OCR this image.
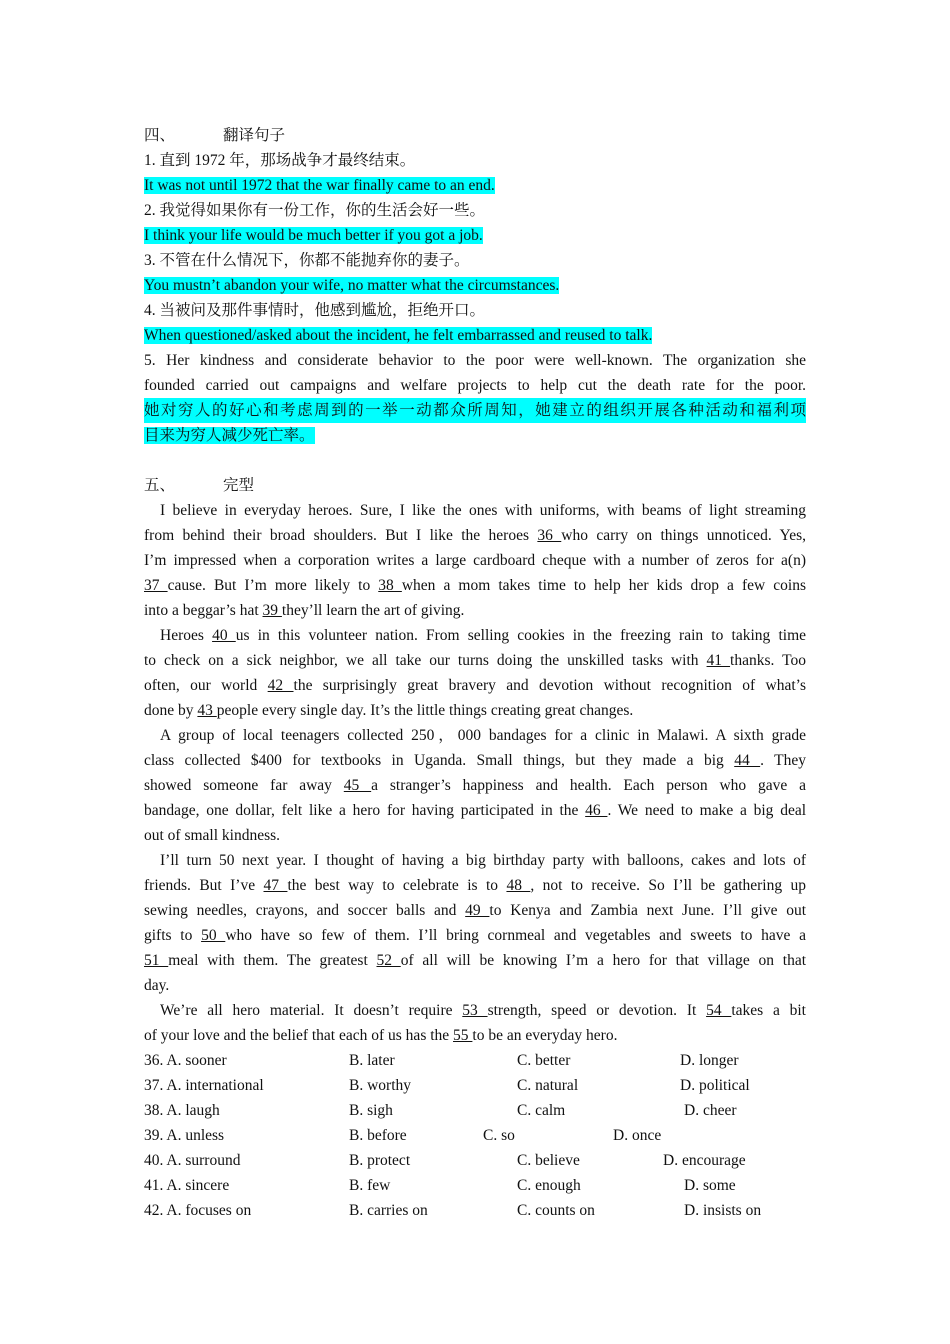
四、	翻译句子
1. 直到 1972 年，那场战争才最终结束。
It was not until 1972 that the war finally came to an end.
2. 我觉得如果你有一份工作，你的生活会好一些。
I think your life would be much better if you got a job.
3. 不管在什么情况下，你都不能抛弃你的妻子。
You mustn’t abandon your wife, no matter what the circumstances.
4. 当被问及那件事情时，他感到尴尬，拒绝开口。
When questioned/asked about the incident, he felt embarrassed and reused to talk.
5. Her kindness and considerate behavior to the poor were well-known. The organization she
founded carried out campaigns and welfare projects to help cut the death rate for the poor.
她对穷人的好心和考虑周到的一举一动都众所周知，她建立的组织开展各种活动和福利项
目来为穷人减少死亡率。
五、	完型
I believe in everyday heroes. Sure, I like the ones with uniforms, with beams of light streaming
from behind their broad shoulders. But I like the heroes 36 who carry on things unnoticed. Yes,
I’m impressed when a corporation writes a large cardboard cheque with a number of zeros for a(n)
37 cause. But I’m more likely to 38 when a mom takes time to help her kids drop a few coins
into a beggar’s hat 39 they’ll learn the art of giving.
Heroes 40 us in this volunteer nation. From selling cookies in the freezing rain to taking time
to check on a sick neighbor, we all take our turns doing the unskilled tasks with 41 thanks. Too
often, our world 42 the surprisingly great bravery and devotion without recognition of what’s
done by 43 people every single day. It’s the little things creating great changes.
A group of local teenagers collected 250，000 bandages for a clinic in Malawi. A sixth grade
class collected $400 for textbooks in Uganda. Small things, but they made a big 44 . They
showed someone far away 45 a stranger’s happiness and health. Each person who gave a
bandage, one dollar, felt like a hero for having participated in the 46 . We need to make a big deal
out of small kindness.
I’ll turn 50 next year. I thought of having a big birthday party with balloons, cakes and lots of
friends. But I’ve 47 the best way to celebrate is to 48 , not to receive. So I’ll be gathering up
sewing needles, crayons, and soccer balls and 49 to Kenya and Zambia next June. I’ll give out
gifts to 50 who have so few of them. I’ll bring cornmeal and vegetables and sweets to have a
51 meal with them. The greatest 52 of all will be knowing I’m a hero for that village on that
day.
We’re all hero material. It doesn’t require 53 strength, speed or devotion. It 54 takes a bit
of your love and the belief that each of us has the 55 to be an everyday hero.
36. A. sooner	B. later	C. better	D. longer
37. A. international	B. worthy	C. natural	D. political
38. A. laugh	B. sigh	C. calm	D. cheer
39. A. unless	B. before	C. so	D. once
40. A. surround	B. protect	C. believe	D. encourage
41. A. sincere	B. few	C. enough	D. some
42. A. focuses on	B. carries on	C. counts on	D. insists on
